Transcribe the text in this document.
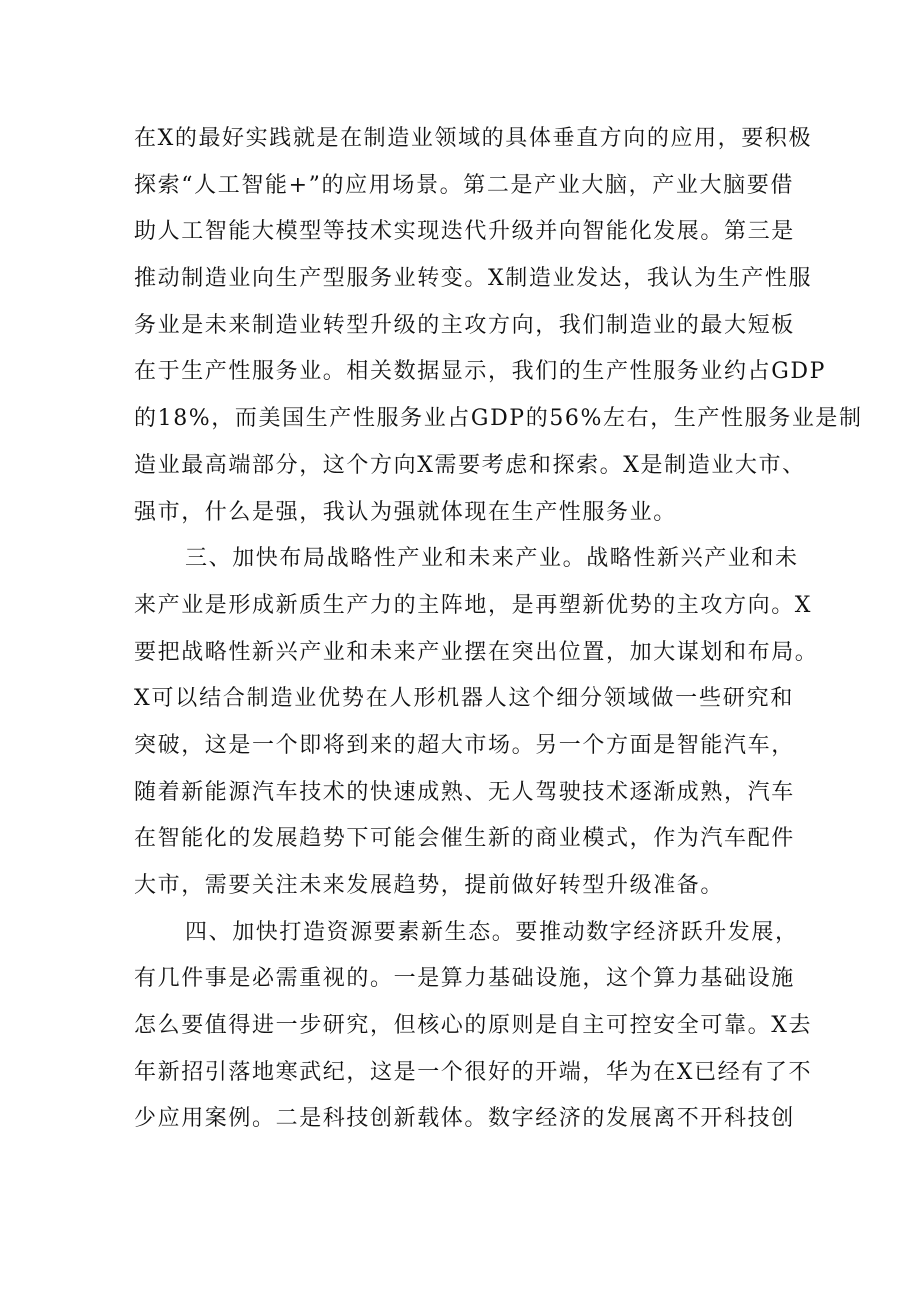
在X的最好实践就是在制造业领域的具体垂直方向的应用，要积极
探索“人工智能+”的应用场景。第二是产业大脑，产业大脑要借
助人工智能大模型等技术实现迭代升级并向智能化发展。第三是
推动制造业向生产型服务业转变。X制造业发达，我认为生产性服
务业是未来制造业转型升级的主攻方向，我们制造业的最大短板
在于生产性服务业。相关数据显示，我们的生产性服务业约占GDP
的18%，而美国生产性服务业占GDP的56%左右，生产性服务业是制
造业最高端部分，这个方向X需要考虑和探索。X是制造业大市、
强市，什么是强，我认为强就体现在生产性服务业。
三、加快布局战略性产业和未来产业。战略性新兴产业和未
来产业是形成新质生产力的主阵地，是再塑新优势的主攻方向。X
要把战略性新兴产业和未来产业摆在突出位置，加大谋划和布局。
X可以结合制造业优势在人形机器人这个细分领域做一些研究和
突破，这是一个即将到来的超大市场。另一个方面是智能汽车，
随着新能源汽车技术的快速成熟、无人驾驶技术逐渐成熟，汽车
在智能化的发展趋势下可能会催生新的商业模式，作为汽车配件
大市，需要关注未来发展趋势，提前做好转型升级准备。
四、加快打造资源要素新生态。要推动数字经济跃升发展，
有几件事是必需重视的。一是算力基础设施，这个算力基础设施
怎么要值得进一步研究，但核心的原则是自主可控安全可靠。X去
年新招引落地寒武纪，这是一个很好的开端，华为在X已经有了不
少应用案例。二是科技创新载体。数字经济的发展离不开科技创
